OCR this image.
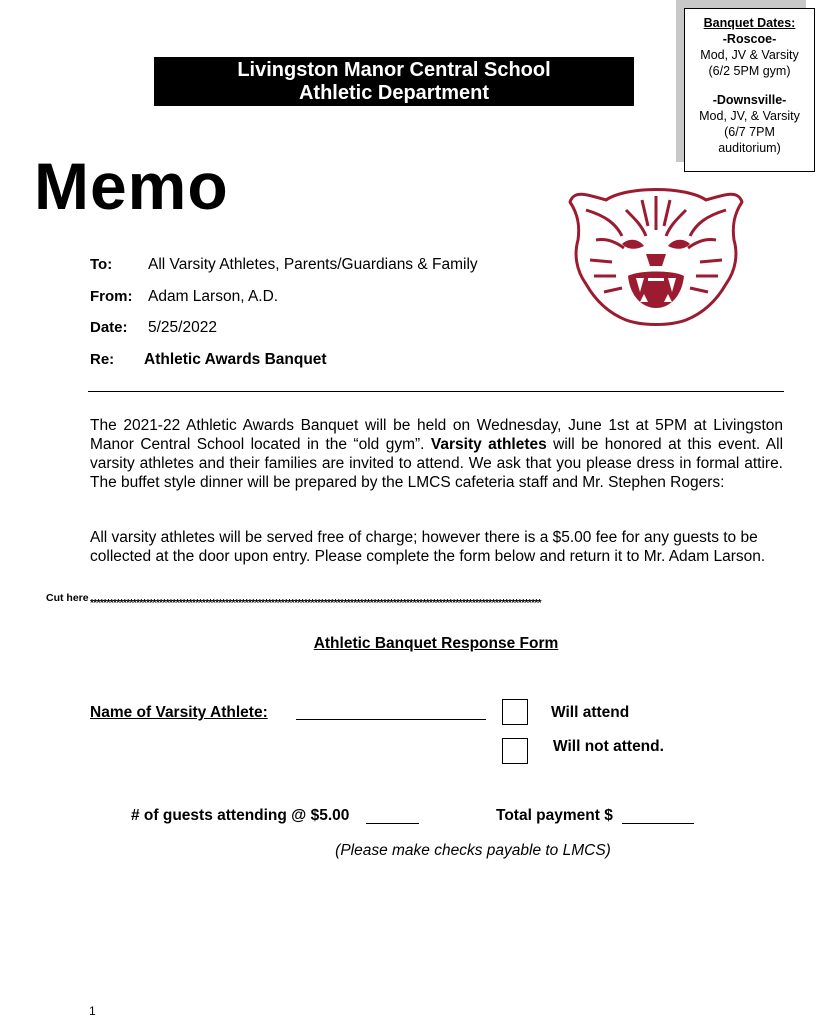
Livingston Manor Central School
Athletic Department
Banquet Dates:
-Roscoe-
Mod, JV & Varsity
(6/2 5PM gym)
-Downsville-
Mod, JV, & Varsity
(6/7 7PM
auditorium)
Memo
To: All Varsity Athletes, Parents/Guardians & Family
From: Adam Larson, A.D.
Date: 5/25/2022
Re: Athletic Awards Banquet
The 2021-22 Athletic Awards Banquet will be held on Wednesday, June 1st at 5PM at Livingston Manor Central School located in the “old gym”. Varsity athletes will be honored at this event. All varsity athletes and their families are invited to attend. We ask that you please dress in formal attire. The buffet style dinner will be prepared by the LMCS cafeteria staff and Mr. Stephen Rogers:
All varsity athletes will be served free of charge; however there is a $5.00 fee for any guests to be collected at the door upon entry. Please complete the form below and return it to Mr. Adam Larson.
Cut here *****************************************************************************************************************************************
Athletic Banquet Response Form
Name of Varsity Athlete:	Will attend
Will not attend.
# of guests attending @ $5.00	Total payment $
(Please make checks payable to LMCS)
1
